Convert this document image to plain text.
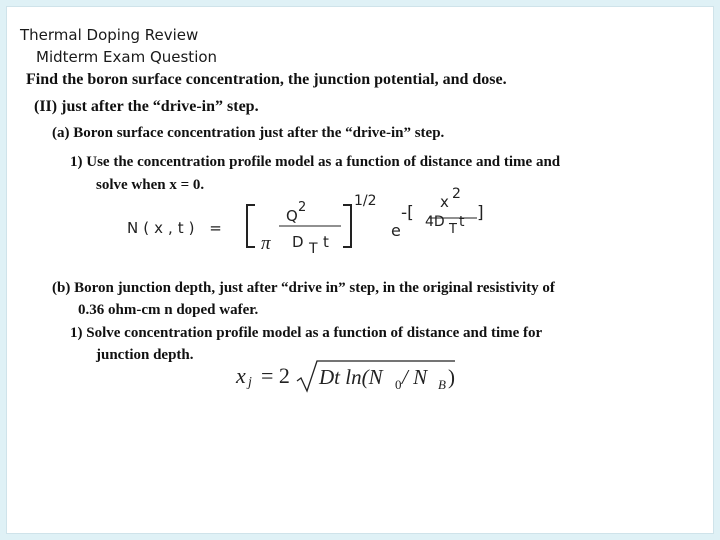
Thermal Doping Review
Midterm Exam Question
Find the boron surface concentration, the junction potential, and dose.
(II) just after the “drive-in” step.
(a) Boron surface concentration just after the “drive-in” step.
1) Use the concentration profile model as a function of distance and time and
solve when x = 0.
N(x,t) =
Q 2
π D T t
1/2
e
-[
x 2
4D T t ]
(b) Boron junction depth, just after “drive in” step, in the original resistivity of
0.36 ohm-cm n doped wafer.
1) Solve concentration profile model as a function of distance and time for
junction depth.
x j = 2 Dt ln(N 0 / N B )
